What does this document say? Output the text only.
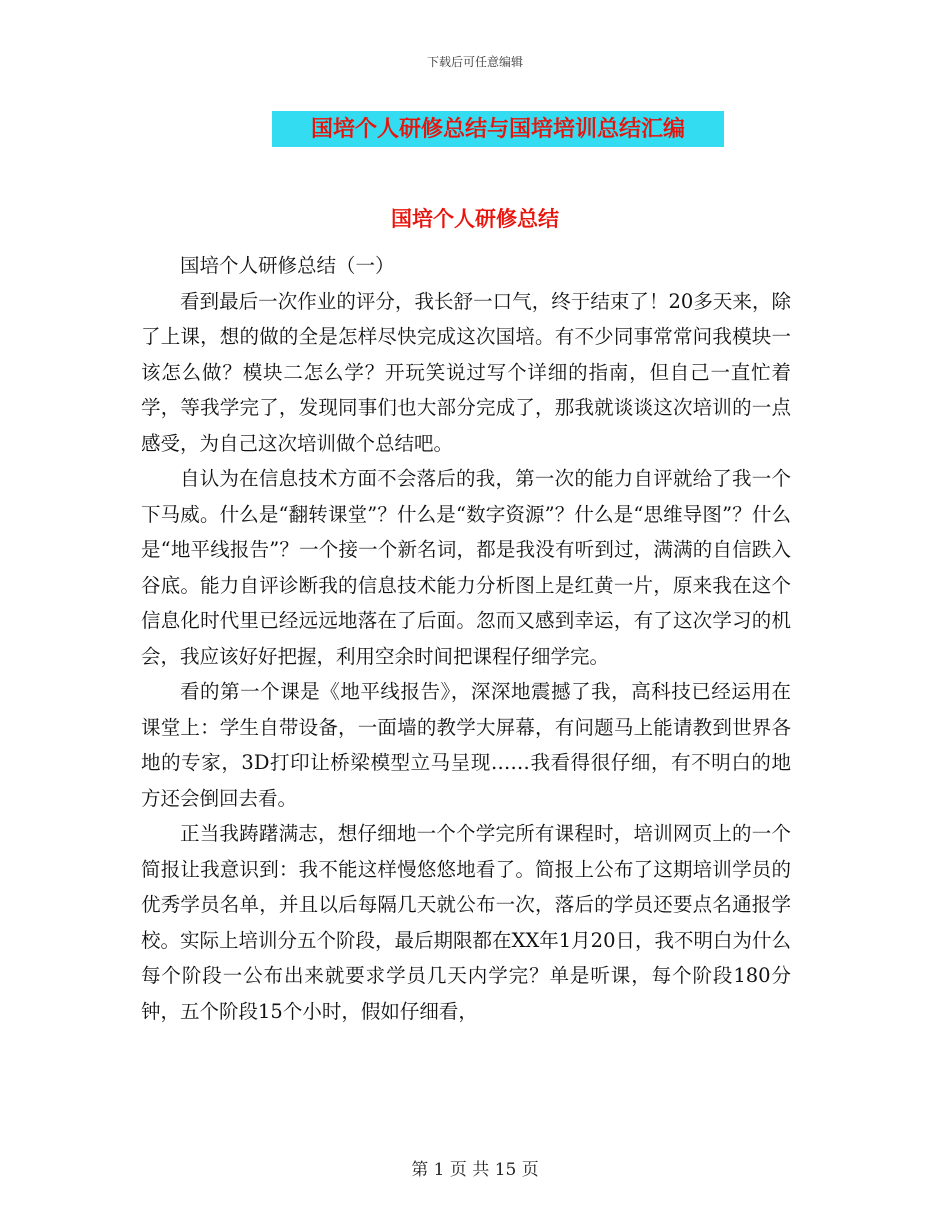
下载后可任意编辑
国培个人研修总结与国培培训总结汇编
国培个人研修总结

国培个人研修总结（一）

看到最后一次作业的评分，我长舒一口气，终于结束了！20多天来，除了上课，想的做的全是怎样尽快完成这次国培。有不少同事常常问我模块一该怎么做？模块二怎么学？开玩笑说过写个详细的指南，但自己一直忙着学，等我学完了，发现同事们也大部分完成了，那我就谈谈这次培训的一点感受，为自己这次培训做个总结吧。

自认为在信息技术方面不会落后的我，第一次的能力自评就给了我一个下马威。什么是“翻转课堂”？什么是“数字资源”？什么是“思维导图”？什么是“地平线报告”？一个接一个新名词，都是我没有听到过，满满的自信跌入谷底。能力自评诊断我的信息技术能力分析图上是红黄一片，原来我在这个信息化时代里已经远远地落在了后面。忽而又感到幸运，有了这次学习的机会，我应该好好把握，利用空余时间把课程仔细学完。

看的第一个课是《地平线报告》，深深地震撼了我，高科技已经运用在课堂上：学生自带设备，一面墙的教学大屏幕，有问题马上能请教到世界各地的专家，3D打印让桥梁模型立马呈现……我看得很仔细，有不明白的地方还会倒回去看。

正当我踌躇满志，想仔细地一个个学完所有课程时，培训网页上的一个简报让我意识到：我不能这样慢悠悠地看了。简报上公布了这期培训学员的优秀学员名单，并且以后每隔几天就公布一次，落后的学员还要点名通报学校。实际上培训分五个阶段，最后期限都在XX年1月20日，我不明白为什么每个阶段一公布出来就要求学员几天内学完？单是听课，每个阶段180分钟，五个阶段15个小时，假如仔细看，

第 1 页 共 15 页
